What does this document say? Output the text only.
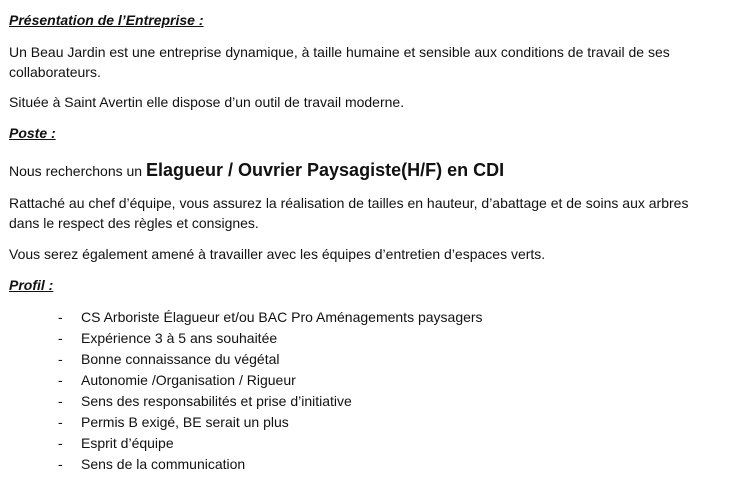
Présentation de l’Entreprise :
Un Beau Jardin est une entreprise dynamique, à taille humaine et sensible aux conditions de travail de ses collaborateurs.
Située à Saint Avertin elle dispose d’un outil de travail moderne.
Poste :
Nous recherchons un Elagueur / Ouvrier Paysagiste(H/F) en CDI
Rattaché au chef d’équipe, vous assurez la réalisation de tailles en hauteur, d’abattage et de soins aux arbres dans le respect des règles et consignes.
Vous serez également amené à travailler avec les équipes d’entretien d’espaces verts.
Profil :
- CS Arboriste Élagueur et/ou BAC Pro Aménagements paysagers
- Expérience 3 à 5 ans souhaitée
- Bonne connaissance du végétal
- Autonomie /Organisation / Rigueur
- Sens des responsabilités et prise d’initiative
- Permis B exigé, BE serait un plus
- Esprit d’équipe
- Sens de la communication
